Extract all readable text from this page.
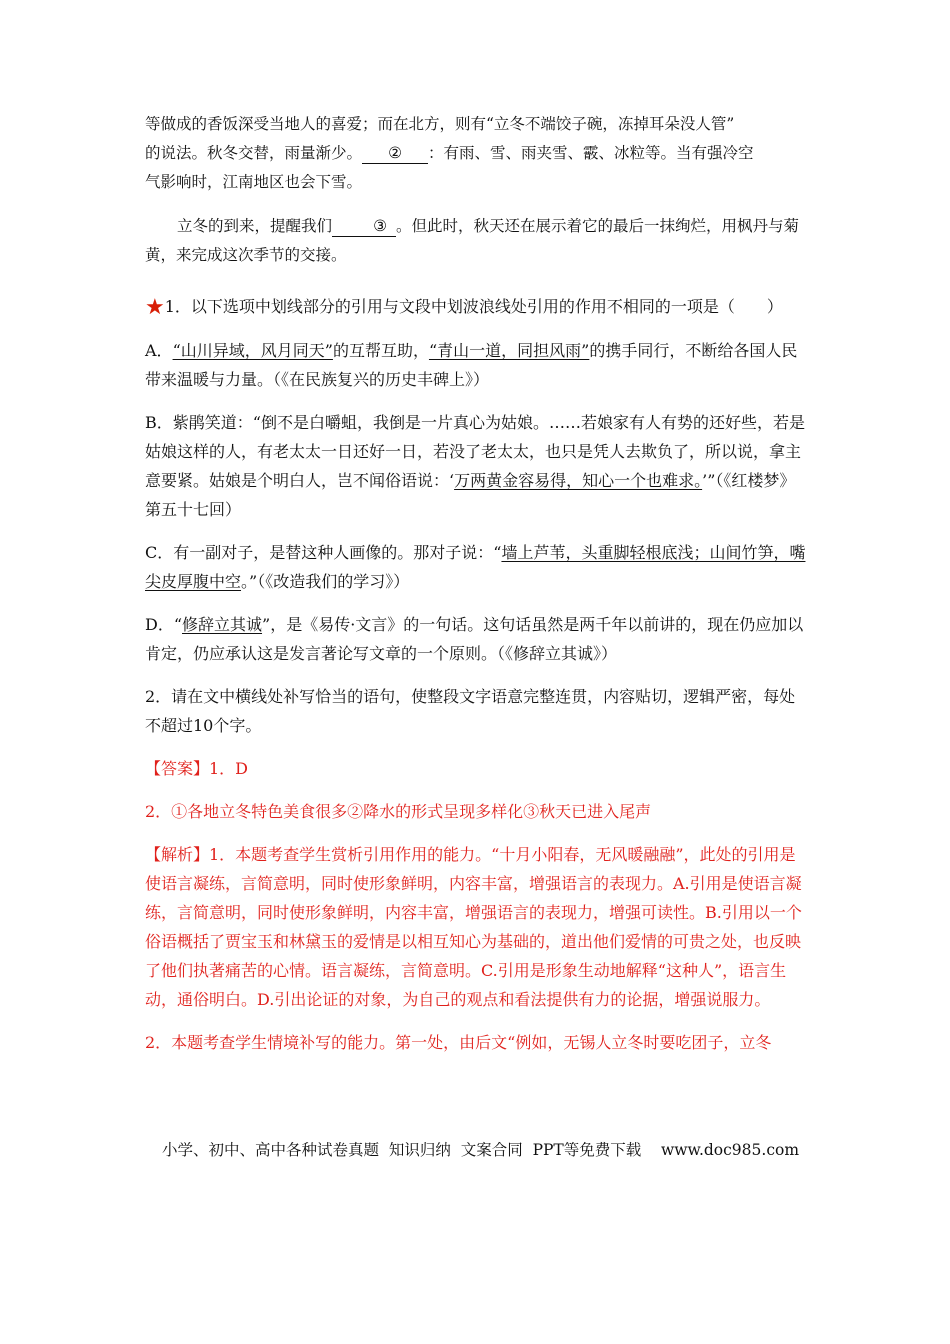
等做成的香饭深受当地人的喜爱；而在北方，则有“立冬不端饺子碗，冻掉耳朵没人管”

的说法。秋冬交替，雨量渐少。 ② ：有雨、雪、雨夹雪、霰、冰粒等。当有强冷空

气影响时，江南地区也会下雪。

立冬的到来，提醒我们	③ 。但此时，秋天还在展示着它的最后一抹绚烂，用枫丹与菊黄，来完成这次季节的交接。

★1．以下选项中划线部分的引用与文段中划波浪线处引用的作用不相同的一项是（　　）

A．“山川异域，风月同天”的互帮互助，“青山一道，同担风雨”的携手同行，不断给各国人民带来温暖与力量。（《在民族复兴的历史丰碑上》）

B．紫鹃笑道：“倒不是白嚼蛆，我倒是一片真心为姑娘。……若娘家有人有势的还好些，若是姑娘这样的人，有老太太一日还好一日，若没了老太太，也只是凭人去欺负了，所以说，拿主意要紧。姑娘是个明白人，岂不闻俗语说：‘万两黄金容易得，知心一个也难求。’”（《红楼梦》第五十七回）

C．有一副对子，是替这种人画像的。那对子说：“墙上芦苇，头重脚轻根底浅；山间竹笋，嘴尖皮厚腹中空。”（《改造我们的学习》）

D．“修辞立其诚”，是《易传·文言》的一句话。这句话虽然是两千年以前讲的，现在仍应加以肯定，仍应承认这是发言著论写文章的一个原则。（《修辞立其诚》）

2．请在文中横线处补写恰当的语句，使整段文字语意完整连贯，内容贴切，逻辑严密，每处不超过10个字。

【答案】1．D

2．①各地立冬特色美食很多②降水的形式呈现多样化③秋天已进入尾声

【解析】1．本题考查学生赏析引用作用的能力。“十月小阳春，无风暖融融”，此处的引用是使语言凝练，言简意明，同时使形象鲜明，内容丰富，增强语言的表现力。A.引用是使语言凝练，言简意明，同时使形象鲜明，内容丰富，增强语言的表现力，增强可读性。B.引用以一个俗语概括了贾宝玉和林黛玉的爱情是以相互知心为基础的，道出他们爱情的可贵之处，也反映了他们执著痛苦的心情。语言凝练，言简意明。C.引用是形象生动地解释“这种人”，语言生动，通俗明白。D.引出论证的对象，为自己的观点和看法提供有力的论据，增强说服力。

2．本题考查学生情境补写的能力。第一处，由后文“例如，无锡人立冬时要吃团子，立冬

小学、初中、高中各种试卷真题  知识归纳  文案合同  PPT等免费下载 www.doc985.com
